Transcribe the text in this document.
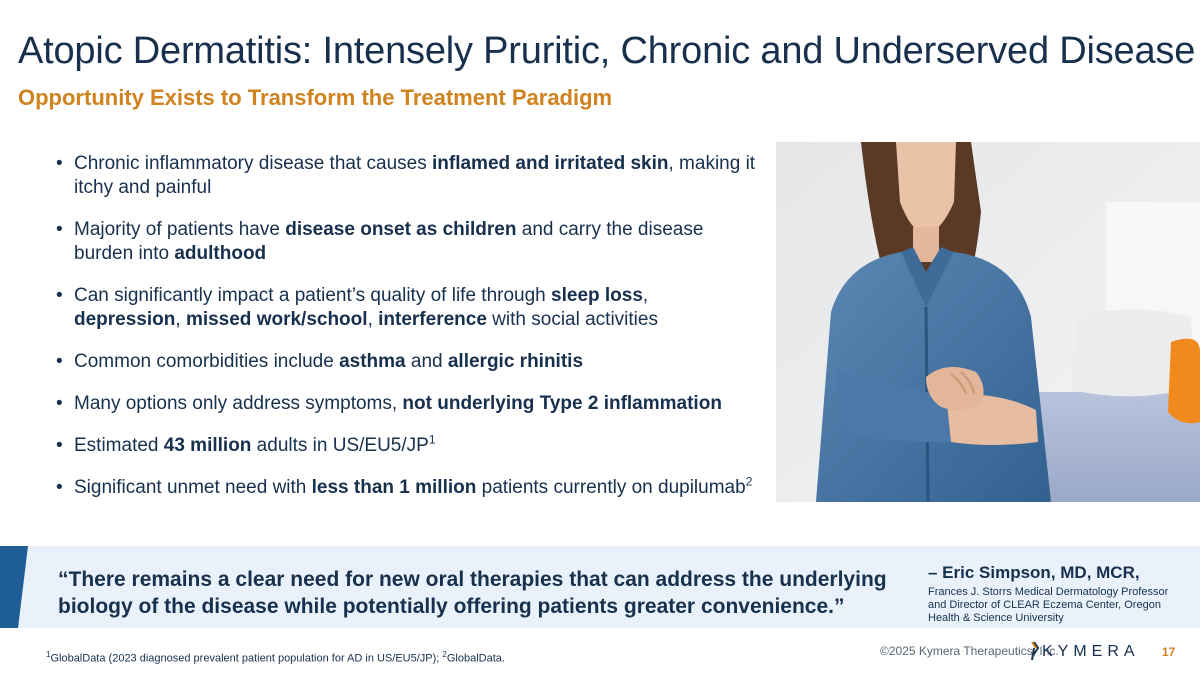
Atopic Dermatitis: Intensely Pruritic, Chronic and Underserved Disease
Opportunity Exists to Transform the Treatment Paradigm
• Chronic inflammatory disease that causes inflamed and irritated skin, making it itchy and painful
• Majority of patients have disease onset as children and carry the disease burden into adulthood
• Can significantly impact a patient’s quality of life through sleep loss, depression, missed work/school, interference with social activities
• Common comorbidities include asthma and allergic rhinitis
• Many options only address symptoms, not underlying Type 2 inflammation
• Estimated 43 million adults in $US/EU5/JP^1$
• Significant unmet need with less than 1 million patients currently on dupilumab$^2$

“There remains a clear need for new oral therapies that can address the underlying biology of the disease while potentially offering patients greater convenience.”

– Eric Simpson, MD, MCR,

Frances J. Storrs Medical Dermatology Professor and Director of CLEAR Eczema Center, Oregon Health & Science University

$^1$GlobalData (2023 diagnosed prevalent patient population for AD in US/EU5/JP); $^2$GlobalData.

©2025 Kymera Therapeutics, Inc.

KYMERA 17
